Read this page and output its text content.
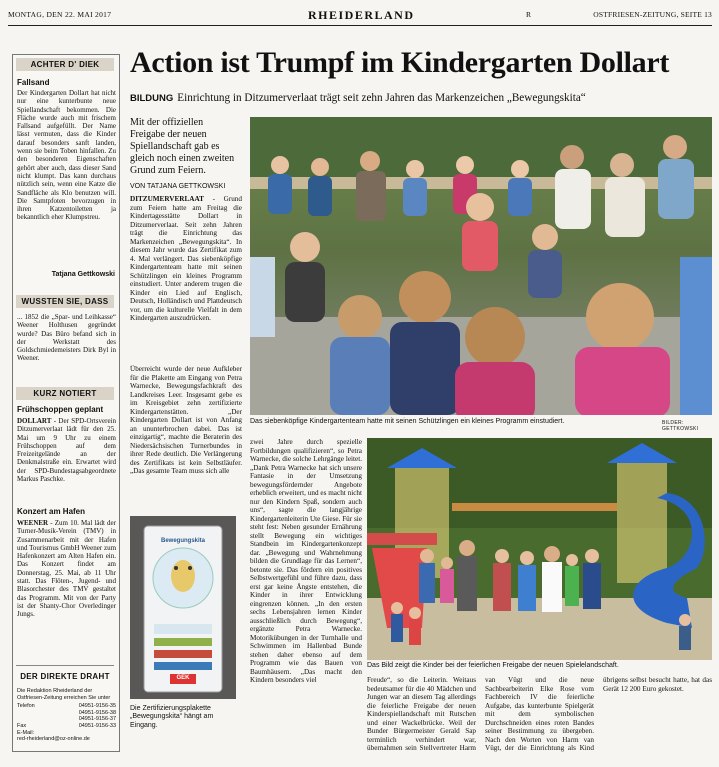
MONTAG, DEN 22. MAI 2017	RHEIDERLAND	R	OSTFRIESEN-ZEITUNG, SEITE 13
ACHTER D' DIEK
Fallsand
Der Kindergarten Dollart hat nicht nur eine kunterbunte neue Spiellandschaft bekommen. Die Fläche wurde auch mit frischem Fallsand aufgefüllt. Der Name lässt vermuten, dass die Kinder darauf besonders sanft landen, wenn sie beim Toben hinfallen. Zu den besonderen Eigenschaften gehört aber auch, dass dieser Sand nicht klumpt. Das kann durchaus nützlich sein, wenn eine Katze die Sandfläche als Klo benutzen will. Die Samtpfoten bevorzugen in ihren Katzentoiletten ja bekanntlich eher Klumpstreu.
Tatjana Gettkowski
WUSSTEN SIE, DASS
... 1852 die „Spar- und Leihkasse“ Weener Holthusen gegründet wurde? Das Büro befand sich in der Werkstatt des Goldschmiedemeisters Dirk Byl in Weener.
KURZ NOTIERT
Frühschoppen geplant
DOLLART - Der SPD-Ortsverein Ditzumerverlaat lädt für den 25. Mai um 9 Uhr zu einem Frühschoppen auf dem Freizeitgelände an der Denkmalstraße ein. Erwartet wird der SPD-Bundestagsabgeordnete Markus Paschke.
Konzert am Hafen
WEENER - Zum 10. Mal lädt der Turner-Musik-Verein (TMV) in Zusammenarbeit mit der Hafen und Tourismus GmbH Weener zum Hafenkonzert am Alten Hafen ein. Das Konzert findet am Donnerstag, 25. Mai, ab 11 Uhr statt. Das Flöten-, Jugend- und Blasorchester des TMV gestaltet das Programm. Mit von der Party ist der Shanty-Chor Overledinger Jungs.
DER DIREKTE DRAHT
Die Redaktion Rheiderland der Ostfriesen-Zeitung erreichen Sie unter
Telefon	04951-9156-35
04951-9156-38
04951-9156-37
Fax	04951-9156-33
E-Mail:
red-rheiderland@oz-online.de
Action ist Trumpf im Kindergarten Dollart
BILDUNG Einrichtung in Ditzumerverlaat trägt seit zehn Jahren das Markenzeichen „Bewegungskita“
Mit der offiziellen Freigabe der neuen Spiellandschaft gab es gleich noch einen zweiten Grund zum Feiern.
VON TATJANA GETTKOWSKI
DITZUMERVERLAAT - Grund zum Feiern hatte am Freitag die Kindertagesstätte Dollart in Ditzumerverlaat. Seit zehn Jahren trägt die Einrichtung das Markenzeichen „Bewegungskita“. In diesem Jahr wurde das Zertifikat zum 4. Mal verlängert. Das siebenköpfige Kindergartenteam hatte mit seinen Schützlingen ein kleines Programm einstudiert. Unter anderem trugen die Kinder ein Lied auf Englisch, Deutsch, Holländisch und Plattdeutsch vor, um die kulturelle Vielfalt in dem Kindergarten auszudrücken.
Überreicht wurde der neue Aufkleber für die Plakette am Eingang von Petra Warnecke, Bewegungsfachkraft des Landkreises Leer. Insgesamt gebe es im Kreisgebiet zehn zertifizierte Kindergartenstätten. „Der Kindergarten Dollart ist von Anfang an ununterbrochen dabei. Das ist einzigartig“, machte die Beraterin des Niedersächsischen Turnerbundes in ihrer Rede deutlich. Die Verlängerung des Zertifikats ist kein Selbstläufer. „Das gesamte Team muss sich alle
Das siebenköpfige Kindergartenteam hatte mit seinen Schützlingen ein kleines Programm einstudiert.	BILDER: GETTKOWSKI
Bewegungskita
GEK
Die Zertifizierungsplakette „Bewegungskita“ hängt am Eingang.
zwei Jahre durch spezielle Fortbildungen qualifizieren“, so Petra Warnecke, die solche Lehrgänge leitet. „Dank Petra Warnecke hat sich unsere Fantasie in der Umsetzung bewegungsfördernder Angebote erheblich erweitert, und es macht nicht nur den Kindern Spaß, sondern auch uns“, sagte die langjährige Kindergartenleiterin Ute Giese. Für sie steht fest: Neben gesunder Ernährung stellt Bewegung ein wichtiges Standbein im Kindergartenkonzept dar. „Bewegung und Wahrnehmung bilden die Grundlage für das Lernen“, betonte sie. Das fördern ein positives Selbstwertgefühl und führe dazu, dass erst gar keine Ängste entstehen, die Kinder in ihrer Entwicklung eingrenzen können. „In den ersten sechs Lebensjahren lernen Kinder ausschließlich durch Bewegung“, ergänzte Petra Warnecke. Motorikübungen in der Turnhalle und Schwimmen im Hallenbad Bunde stehen daher ebenso auf dem Programm wie das Bauen von Baumhäusern. „Das macht den Kindern besonders viel
Das Bild zeigt die Kinder bei der feierlichen Freigabe der neuen Spielelandschaft.
Freude“, so die Leiterin. Weitaus bedeutsamer für die 40 Mädchen und Jungen war an diesem Tag allerdings die feierliche Freigabe der neuen Kinderspiellandschaft mit Rutschen und einer Wackelbrücke. Weil der Bunder Bürgermeister Gerald Sap terminlich verhindert war, übernahmen sein Stellvertreter Harm van Vügt und die neue Sachbearbeiterin Elke Rose vom Fachbereich IV die feierliche Aufgabe, das kunterbunte Spielgerät mit dem symbolischen Durchschneiden eines roten Bandes seiner Bestimmung zu übergeben. Nach den Worten von Harm van Vügt, der die Einrichtung als Kind übrigens selbst besucht hatte, hat das Gerät 12 200 Euro gekostet.
